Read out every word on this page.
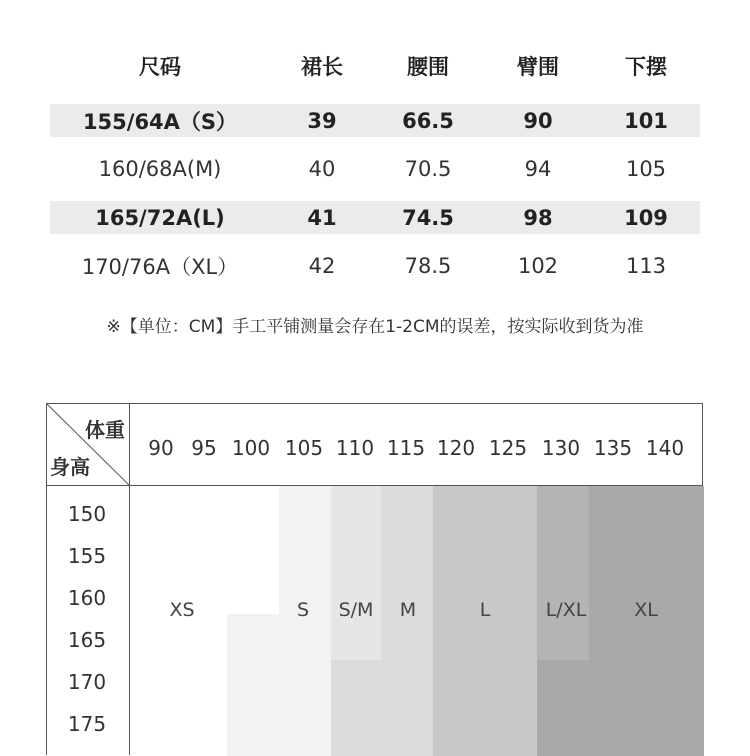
尺码	裙长	腰围	臂围	下摆
155/64A（S）	39	66.5	90	101
160/68A(M)	40	70.5	94	105
165/72A(L)	41	74.5	98	109
170/76A（XL）	42	78.5	102	113
※【单位：CM】手工平铺测量会存在1-2CM的误差，按实际收到货为准
体重
身高
90 95 100 105 110 115 120 125 130 135 140
150
155
160
165
170
175
XS	S S/M M	L	L/XL	XL
